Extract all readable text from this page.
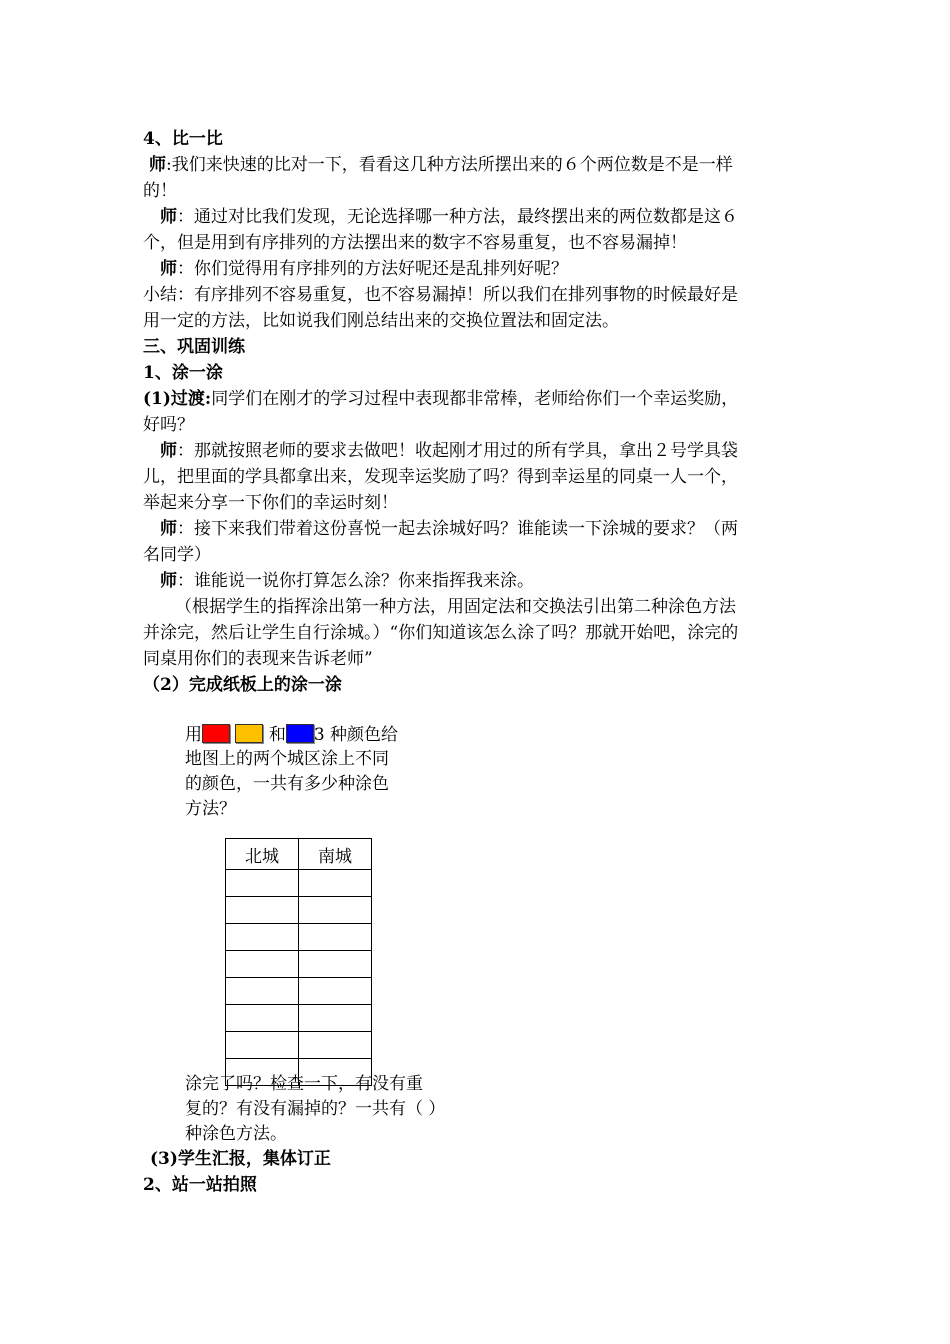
4、比一比
师:我们来快速的比对一下，看看这几种方法所摆出来的６个两位数是不是一样
的！
师：通过对比我们发现，无论选择哪一种方法，最终摆出来的两位数都是这６
个，但是用到有序排列的方法摆出来的数字不容易重复，也不容易漏掉！
师：你们觉得用有序排列的方法好呢还是乱排列好呢？
小结：有序排列不容易重复，也不容易漏掉！所以我们在排列事物的时候最好是
用一定的方法，比如说我们刚总结出来的交换位置法和固定法。
三、巩固训练
1、涂一涂
(1)过渡:同学们在刚才的学习过程中表现都非常棒，老师给你们一个幸运奖励，
好吗？
师：那就按照老师的要求去做吧！收起刚才用过的所有学具，拿出２号学具袋
儿，把里面的学具都拿出来，发现幸运奖励了吗？得到幸运星的同桌一人一个，
举起来分享一下你们的幸运时刻！
师：接下来我们带着这份喜悦一起去涂城好吗？谁能读一下涂城的要求？（两
名同学）
师：谁能说一说你打算怎么涂？你来指挥我来涂。
（根据学生的指挥涂出第一种方法，用固定法和交换法引出第二种涂色方法
并涂完，然后让学生自行涂城。）“你们知道该怎么涂了吗？那就开始吧，涂完的
同桌用你们的表现来告诉老师”
（2）完成纸板上的涂一涂
用	和 3 种颜色给
地图上的两个城区涂上不同
的颜色，一共有多少种涂色
方法？
北城	南城

涂完了吗？检查一下，有没有重
复的？有没有漏掉的？一共有（ ）
种涂色方法。
(3)学生汇报，集体订正
2、站一站拍照
